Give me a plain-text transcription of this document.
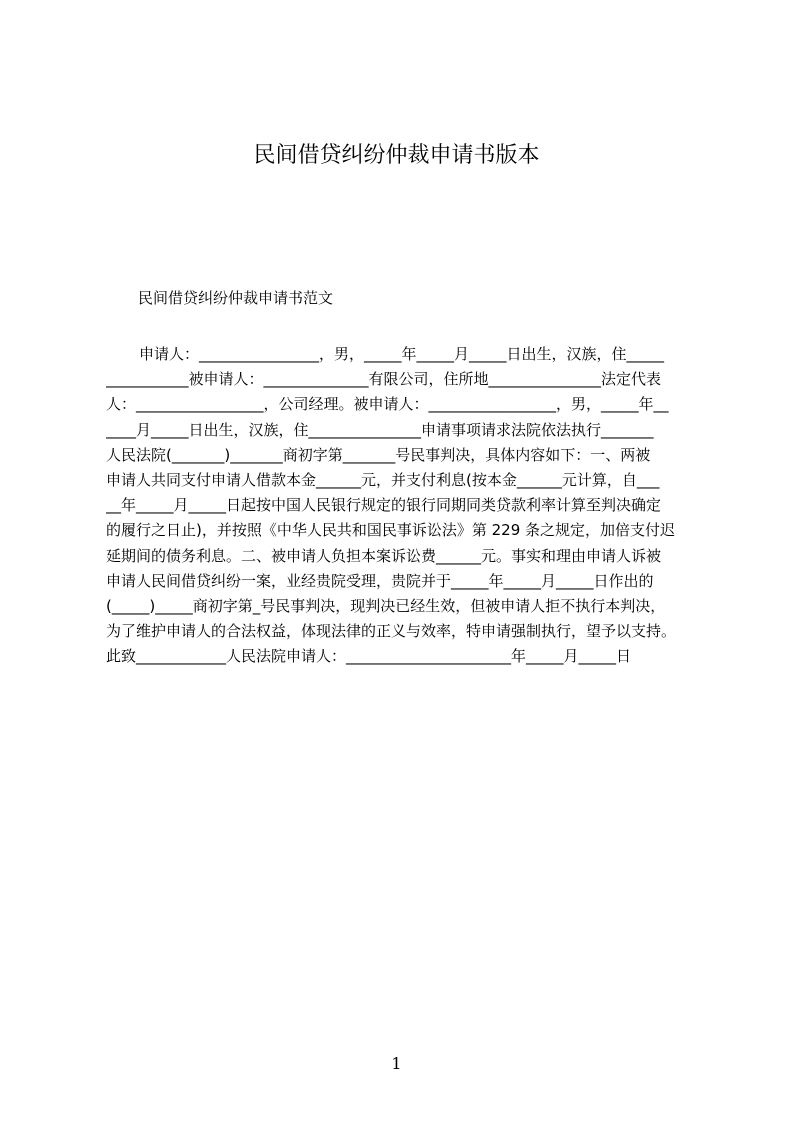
民间借贷纠纷仲裁申请书版本
民间借贷纠纷仲裁申请书范文
申请人：________________，男，_____年_____月_____日出生，汉族，住_____
___________被申请人：______________有限公司，住所地_______________法定代表
人：_________________，公司经理。被申请人：_________________，男，_____年__
____月_____日出生，汉族，住_______________申请事项请求法院依法执行_______
人民法院(_______)_______商初字第_______号民事判决，具体内容如下：一、两被
申请人共同支付申请人借款本金______元，并支付利息(按本金______元计算，自___
__年_____月_____日起按中国人民银行规定的银行同期同类贷款利率计算至判决确定
的履行之日止)，并按照《中华人民共和国民事诉讼法》第 229 条之规定，加倍支付迟
延期间的债务利息。二、被申请人负担本案诉讼费______元。事实和理由申请人诉被
申请人民间借贷纠纷一案，业经贵院受理，贵院并于_____年_____月_____日作出的
(_____)_____商初字第_号民事判决，现判决已经生效，但被申请人拒不执行本判决，
为了维护申请人的合法权益，体现法律的正义与效率，特申请强制执行，望予以支持。
此致____________人民法院申请人：______________________年_____月_____日
1
